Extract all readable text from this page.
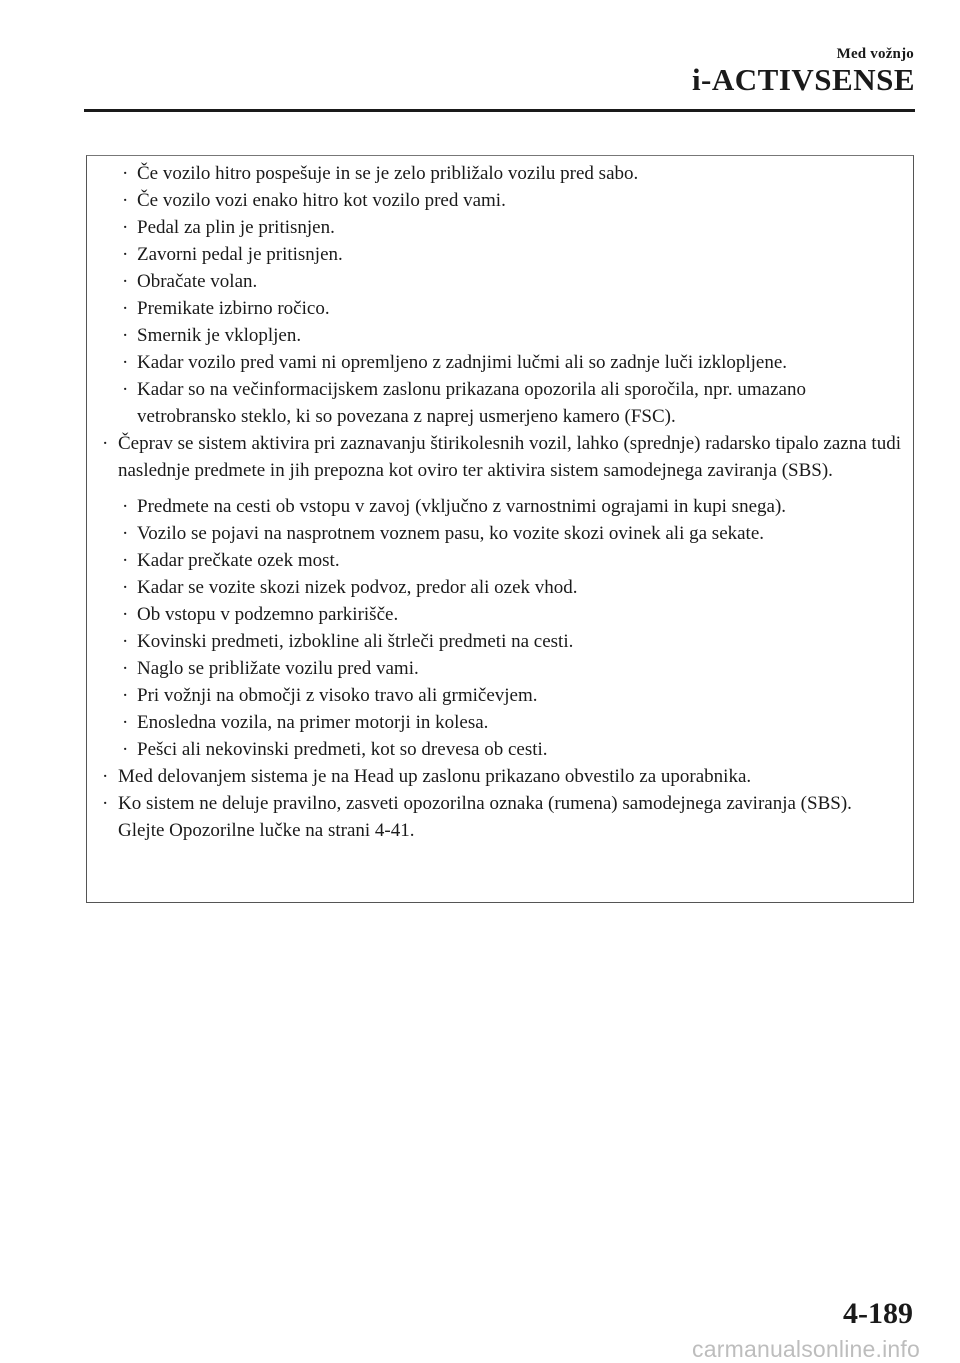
Med vožnjo
i-ACTIVSENSE
· Če vozilo hitro pospešuje in se je zelo približalo vozilu pred sabo.
· Če vozilo vozi enako hitro kot vozilo pred vami.
· Pedal za plin je pritisnjen.
· Zavorni pedal je pritisnjen.
· Obračate volan.
· Premikate izbirno ročico.
· Smernik je vklopljen.
· Kadar vozilo pred vami ni opremljeno z zadnjimi lučmi ali so zadnje luči izklopljene.
· Kadar so na večinformacijskem zaslonu prikazana opozorila ali sporočila, npr. umazano vetrobransko steklo, ki so povezana z naprej usmerjeno kamero (FSC).
· Čeprav se sistem aktivira pri zaznavanju štirikolesnih vozil, lahko (sprednje) radarsko tipalo zazna tudi naslednje predmete in jih prepozna kot oviro ter aktivira sistem samodejnega zaviranja (SBS).
· Predmete na cesti ob vstopu v zavoj (vključno z varnostnimi ograjami in kupi snega).
· Vozilo se pojavi na nasprotnem voznem pasu, ko vozite skozi ovinek ali ga sekate.
· Kadar prečkate ozek most.
· Kadar se vozite skozi nizek podvoz, predor ali ozek vhod.
· Ob vstopu v podzemno parkirišče.
· Kovinski predmeti, izbokline ali štrleči predmeti na cesti.
· Naglo se približate vozilu pred vami.
· Pri vožnji na območji z visoko travo ali grmičevjem.
· Enosledna vozila, na primer motorji in kolesa.
· Pešci ali nekovinski predmeti, kot so drevesa ob cesti.
· Med delovanjem sistema je na Head up zaslonu prikazano obvestilo za uporabnika.
· Ko sistem ne deluje pravilno, zasveti opozorilna oznaka (rumena) samodejnega zaviranja (SBS).
Glejte Opozorilne lučke na strani 4-41.
4-189
carmanualsonline.info
